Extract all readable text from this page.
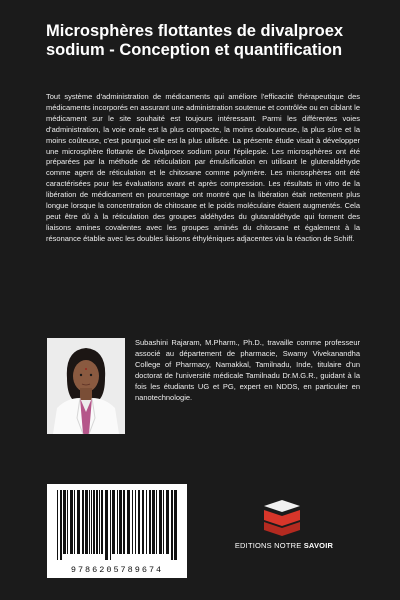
Microsphères flottantes de divalproex sodium - Conception et quantification

Tout système d'administration de médicaments qui améliore l'efficacité thérapeutique des médicaments incorporés en assurant une administration soutenue et contrôlée ou en ciblant le médicament sur le site souhaité est toujours intéressant. Parmi les différentes voies d'administration, la voie orale est la plus compacte, la moins douloureuse, la plus sûre et la moins coûteuse, c'est pourquoi elle est la plus utilisée. La présente étude visait à développer une microsphère flottante de Divalproex sodium pour l'épilepsie. Les microsphères ont été préparées par la méthode de réticulation par émulsification en utilisant le gluteraldéhyde comme agent de réticulation et le chitosane comme polymère. Les microsphères ont été caractérisées pour les évaluations avant et après compression. Les résultats in vitro de la libération de médicament en pourcentage ont montré que la libération était nettement plus longue lorsque la concentration de chitosane et le poids moléculaire étaient augmentés. Cela peut être dû à la réticulation des groupes aldéhydes du glutaraldéhyde qui forment des liaisons amines covalentes avec les groupes aminés du chitosane et également à la résonance établie avec les doubles liaisons éthyléniques adjacentes via la réaction de Schiff.

Subashini Rajaram, M.Pharm., Ph.D., travaille comme professeur associé au département de pharmacie, Swamy Vivekanandha College of Pharmacy, Namakkal, Tamilnadu, Inde, titulaire d'un doctorat de l'université médicale Tamilnadu Dr.M.G.R., guidant à la fois les étudiants UG et PG, expert en NDDS, en particulier en nanotechnologie.

9786205789674
EDITIONS NOTRE SAVOIR
